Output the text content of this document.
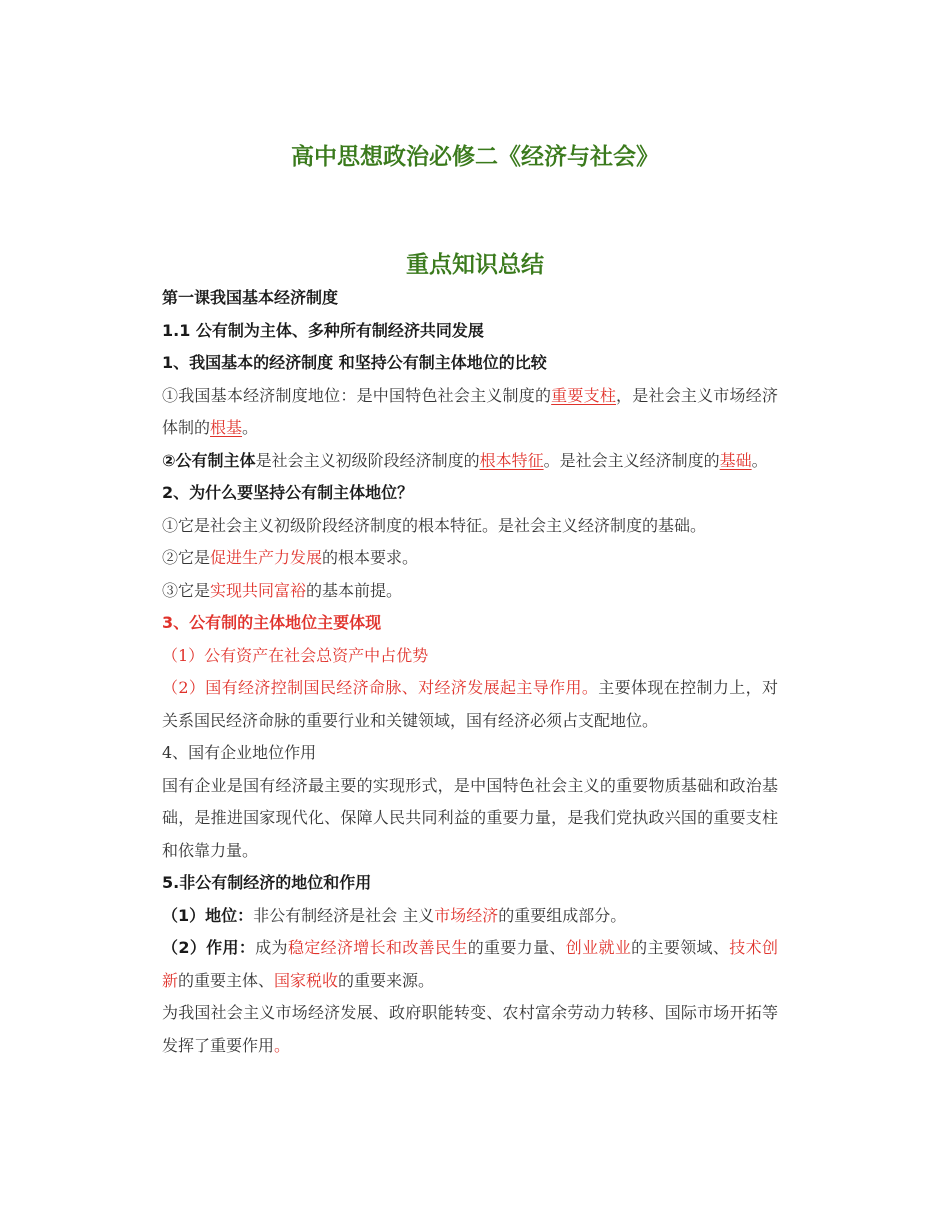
高中思想政治必修二《经济与社会》
重点知识总结

第一课我国基本经济制度

1.1 公有制为主体、多种所有制经济共同发展

1、我国基本的经济制度 和坚持公有制主体地位的比较

①我国基本经济制度地位：是中国特色社会主义制度的重要支柱，是社会主义市场经济体制的根基。

②公有制主体是社会主义初级阶段经济制度的根本特征。是社会主义经济制度的基础。

2、为什么要坚持公有制主体地位？

①它是社会主义初级阶段经济制度的根本特征。是社会主义经济制度的基础。

②它是促进生产力发展的根本要求。

③它是实现共同富裕的基本前提。

3、公有制的主体地位主要体现

（1）公有资产在社会总资产中占优势

（2）国有经济控制国民经济命脉、对经济发展起主导作用。主要体现在控制力上，对关系国民经济命脉的重要行业和关键领域，国有经济必须占支配地位。

4、国有企业地位作用

国有企业是国有经济最主要的实现形式，是中国特色社会主义的重要物质基础和政治基础，是推进国家现代化、保障人民共同利益的重要力量，是我们党执政兴国的重要支柱和依靠力量。

5.非公有制经济的地位和作用

（1）地位：非公有制经济是社会 主义市场经济的重要组成部分。

（2）作用：成为稳定经济增长和改善民生的重要力量、创业就业的主要领域、技术创新的重要主体、国家税收的重要来源。

为我国社会主义市场经济发展、政府职能转变、农村富余劳动力转移、国际市场开拓等发挥了重要作用。
